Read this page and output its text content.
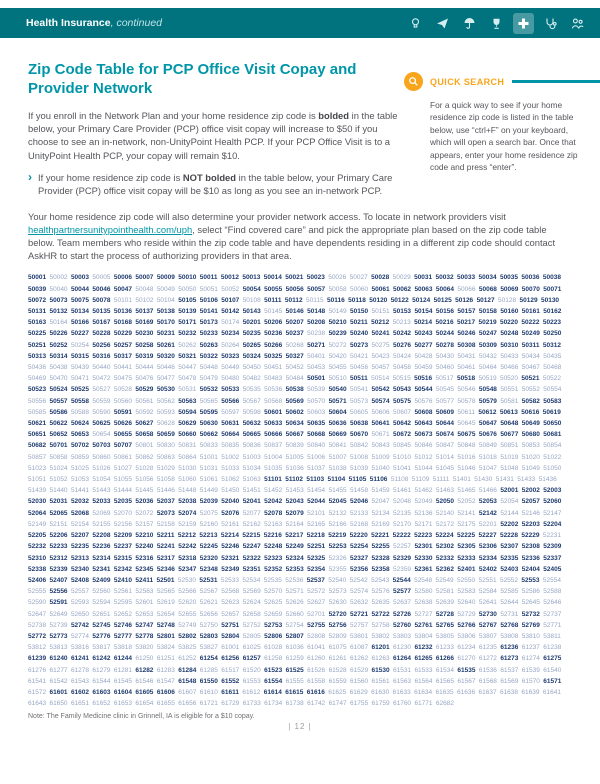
Health Insurance, continued
Zip Code Table for PCP Office Visit Copay and Provider Network

If you enroll in the Network Plan and your home residence zip code is bolded in the table below, your Primary Care Provider (PCP) office visit copay will increase to $50 if you choose to see an in-network, non-UnityPoint Health PCP. If your PCP Office Visit is to a UnityPoint Health PCP, your copay will remain $10.

› If your home residence zip code is NOT bolded in the table below, your Primary Care Provider (PCP) office visit copay will be $10 as long as you see an in-network PCP.

Your home residence zip code will also determine your provider network access. To locate in network providers visit healthpartnersunitypointhealth.com/uph, select “Find covered care” and pick the appropriate plan based on the zip code table below. Team members who reside within the zip code table and have dependents residing in a different zip code should contact AskHR to start the process of authorizing providers in that area.

50001 50002 50003 50005 50006 50007 50009 50010 50011 50012 50013 50014 50021 50023 50026 50027 50028 50029 50031 50032 50033 50034 50035 50036 5003850039 50040 50044 50046 50047 50048 50049 50050 50051 50052 50054 50055 50056 50057 50058 50060 50061 50062 50063 50064 50066 50068 50069 50070 5007150072 50073 50075 50078 50101 50102 50104 50105 50106 50107 50108 50111 50112 50115 50116 50118 50120 50122 50124 50125 50126 50127 50128 50129 5013050131 50132 50134 50135 50136 50137 50138 50139 50141 50142 50143 50145 50146 50148 50149 50150 50151 50153 50154 50156 50157 50158 50160 50161 5016250163 50164 50166 50167 50168 50169 50170 50171 50173 50174 50201 50206 50207 50208 50210 50211 50212 50213 50214 50216 50217 50219 50220 50222 5022350225 50226 50227 50228 50229 50230 50231 50232 50233 50234 50235 50236 50237 50238 50239 50240 50241 50242 50243 50244 50246 50247 50248 50249 5025050251 50252 50254 50256 50257 50258 50261 50262 50263 50264 50265 50266 50268 50271 50272 50273 50275 50276 50277 50278 50308 50309 50310 50311 5031250313 50314 50315 50316 50317 50319 50320 50321 50322 50323 50324 50325 50327 50401 50420 50421 50423 50424 50428 50430 50431 50432 50433 50434 5043550436 50438 50439 50440 50441 50444 50446 50447 50448 50449 50450 50451 50452 50453 50455 50456 50457 50458 50459 50460 50461 50464 50466 50467 5046850469 50470 50471 50472 50475 50476 50477 50478 50479 50480 50482 50483 50484 50501 50510 50511 50514 50515 50516 50517 50518 50519 50520 50521 5052250523 50524 50525 50527 50528 50529 50530 50531 50532 50533 50535 50536 50538 50539 50540 50541 50542 50543 50544 50545 50546 50548 50551 50552 5055450556 50557 50558 50559 50560 50561 50562 50563 50565 50566 50567 50568 50569 50570 50571 50573 50574 50575 50576 50577 50578 50579 50581 50582 5058350585 50586 50588 50590 50591 50592 50593 50594 50595 50597 50598 50601 50602 50603 50604 50605 50606 50607 50608 50609 50611 50612 50613 50616 5061950621 50622 50624 50625 50626 50627 50628 50629 50630 50631 50632 50633 50634 50635 50636 50638 50641 50642 50643 50644 50645 50647 50648 50649 5065050651 50652 50653 50654 50655 50658 50659 50660 50662 50664 50665 50666 50667 50668 50669 50670 50671 50672 50673 50674 50675 50676 50677 50680 5068150682 50701 50702 50703 50707 50801 50830 50831 50833 50835 50836 50837 50839 50840 50841 50842 50843 50845 50846 50847 50848 50849 50851 50853 5085450857 50858 50859 50860 50861 50862 50863 50864 51001 51002 51003 51004 51005 51006 51007 51008 51009 51010 51012 51014 51016 51018 51019 51020 5102251023 51024 51025 51026 51027 51028 51029 51030 51031 51033 51034 51035 51036 51037 51038 51039 51040 51041 51044 51045 51046 51047 51048 51049 5105051051 51052 51053 51054 51055 51056 51058 51060 51061 51062 51063 51101 51102 51103 51104 51105 51106 51108 51109 51111 51401 51430 51431 51433 5143651439 51440 51441 51443 51444 51445 51446 51448 51449 51450 51451 51452 51453 51454 51455 51458 51459 51461 51462 51463 51465 51466 52001 52002 5200352030 52031 52032 52033 52035 52036 52037 52038 52039 52040 52041 52042 52043 52044 52045 52046 52047 52048 52049 52050 52052 52053 52054 52057 5206052064 52065 52068 52069 52070 52072 52073 52074 52075 52076 52077 52078 52079 52101 52132 52133 52134 52135 52136 52140 52141 52142 52144 52146 5214752149 52151 52154 52155 52156 52157 52158 52159 52160 52161 52162 52163 52164 52165 52166 52168 52169 52170 52171 52172 52175 52201 52202 52203 5220452205 52206 52207 52208 52209 52210 52211 52212 52213 52214 52215 52216 52217 52218 52219 52220 52221 52222 52223 52224 52225 52227 52228 52229 5223152232 52233 52235 52236 52237 52240 52241 52242 52245 52246 52247 52248 52249 52251 52253 52254 52255 52257 52301 52302 52305 52306 52307 52308 5230952310 52312 52313 52314 52315 52316 52317 52318 52320 52321 52322 52323 52324 52325 52326 52327 52328 52329 52330 52332 52333 52334 52335 52336 5233752338 52339 52340 52341 52342 52345 52346 52347 52348 52349 52351 52352 52353 52354 52355 52356 52358 52359 52361 52362 52401 52402 52403 52404 5240552406 52407 52408 52409 52410 52411 52501 52530 52531 52533 52534 52535 52536 52537 52540 52542 52543 52544 52548 52549 52550 52551 52552 52553 5255452555 52556 52557 52560 52561 52563 52565 52566 52567 52568 52569 52570 52571 52572 52573 52574 52576 52577 52580 52581 52583 52584 52585 52586 5258852590 52591 52593 52594 52595 52601 52619 52620 52621 52623 52624 52625 52626 52627 52630 52632 52635 52637 52638 52639 52640 52641 52644 52645 5264652647 52649 52650 52651 52652 52653 52654 52655 52656 52657 52658 52659 52660 52701 52720 52721 52722 52726 52727 52728 52729 52730 52731 52732 5273752738 52739 52742 52745 52746 52747 52748 52749 52750 52751 52752 52753 52754 52755 52756 52757 52758 52760 52761 52765 52766 52767 52768 52769 5277152772 52773 52774 52776 52777 52778 52801 52802 52803 52804 52805 52806 52807 52808 52809 53801 53802 53803 53804 53805 53806 53807 53808 53810 5381153812 53813 53816 53817 53818 53820 53824 53825 53827 61001 61025 61028 61036 61041 61075 61087 61201 61230 61232 61233 61234 61235 61236 61237 6123861239 61240 61241 61242 61244 61250 61251 61252 61254 61256 61257 61258 61259 61260 61261 61262 61263 61264 61265 61266 61270 61272 61273 61274 6127561276 61277 61278 61279 61281 61282 61283 61284 61285 61517 61520 61523 61525 61526 61528 61529 61530 61531 61533 61534 61535 61536 61537 61539 6154061541 61542 61543 61544 61545 61546 61547 61548 61550 61552 61553 61554 61555 61558 61559 61560 61561 61563 61564 61565 61567 61568 61569 61570 6157161572 61601 61602 61603 61604 61605 61606 61607 61610 61611 61612 61614 61615 61616 61625 61629 61630 61633 61634 61635 61636 61637 61638 61639 6164161643 61650 61651 61652 61653 61654 61655 61656 61721 61729 61733 61734 61738 61742 61747 61755 61759 61760 61771 62682
Note: The Family Medicine clinic in Grinnell, IA is eligible for a $10 copay.
| 12 |
QUICK SEARCH
For a quick way to see if your home residence zip code is listed in the table below, use “ctrl+F” on your keyboard, which will open a search bar. Once that appears, enter your home residence zip code and press “enter”.
